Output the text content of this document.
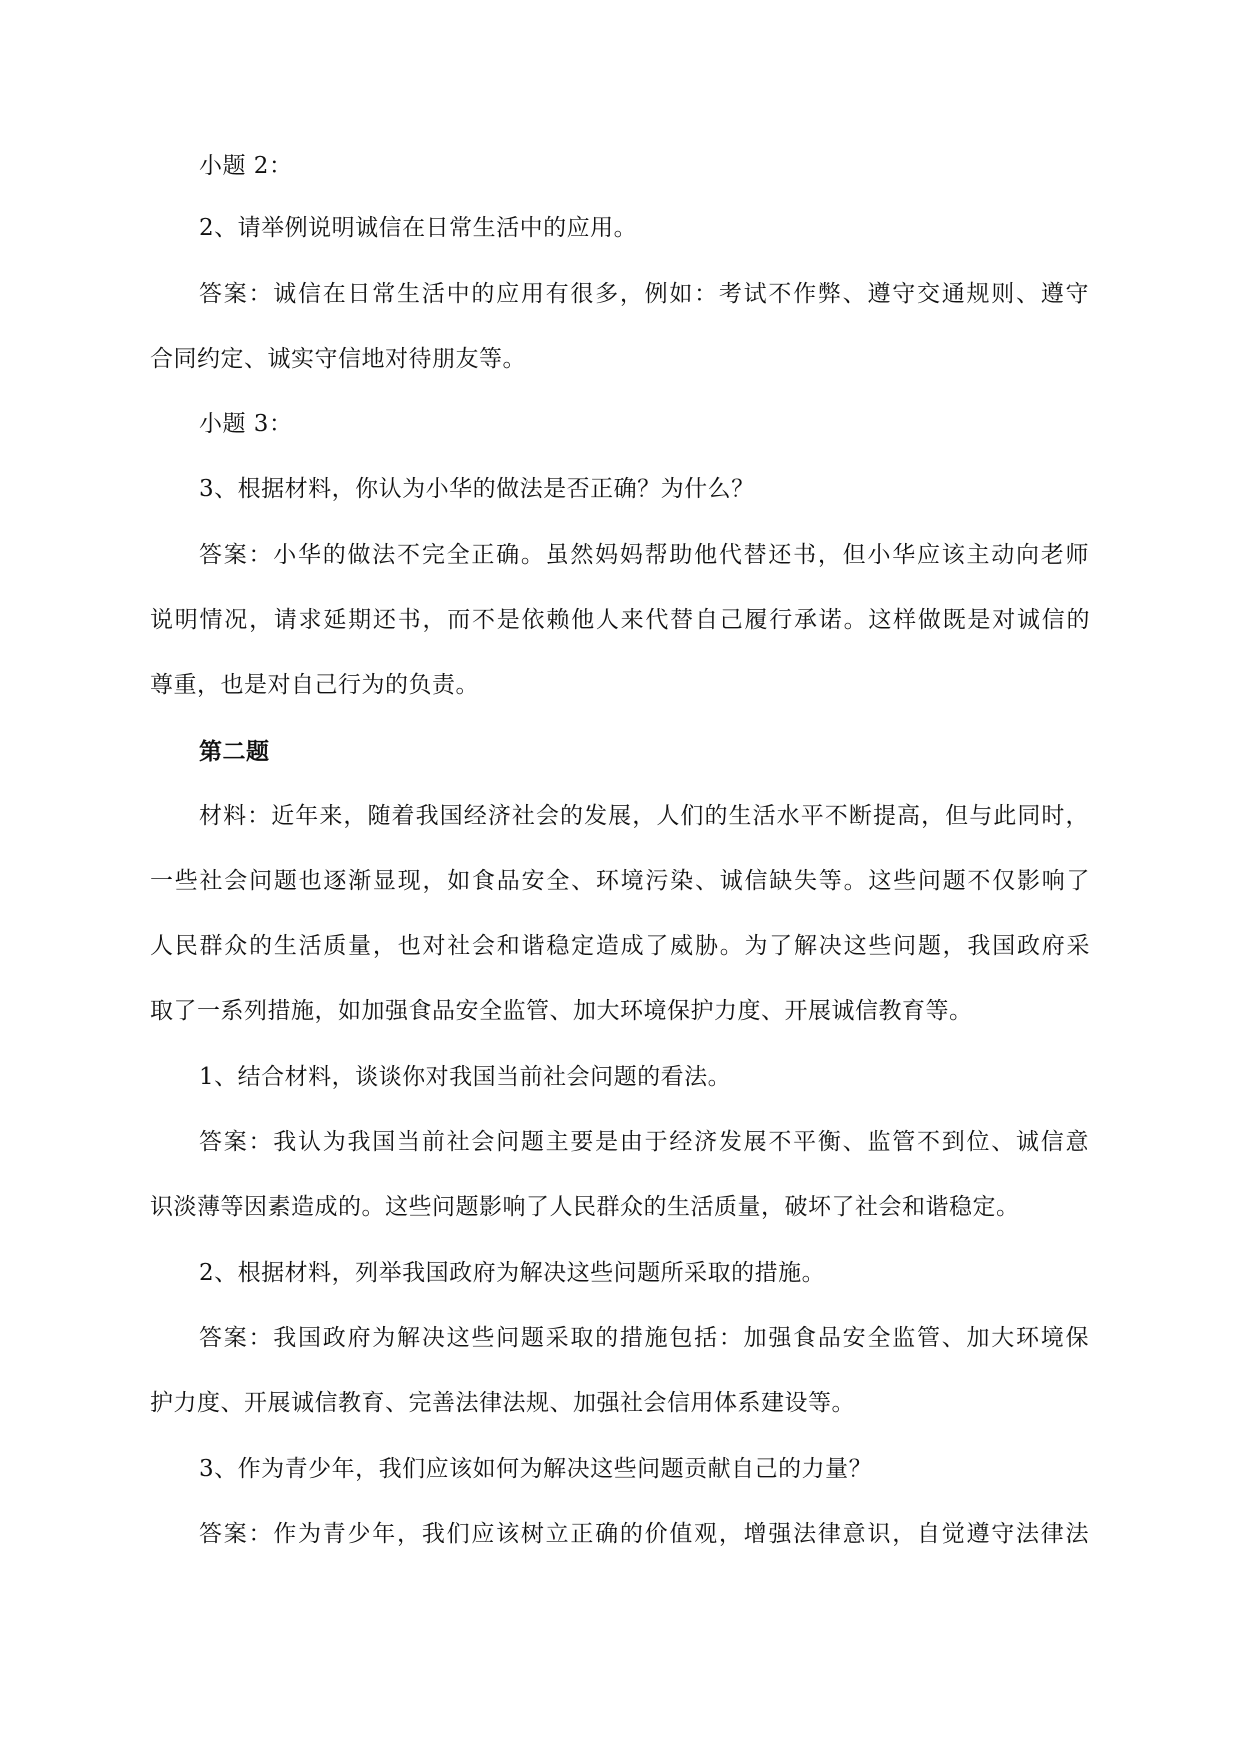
小题 2：
2、请举例说明诚信在日常生活中的应用。
答案：诚信在日常生活中的应用有很多，例如：考试不作弊、遵守交通规则、遵守
合同约定、诚实守信地对待朋友等。
小题 3：
3、根据材料，你认为小华的做法是否正确？为什么？
答案：小华的做法不完全正确。虽然妈妈帮助他代替还书，但小华应该主动向老师
说明情况，请求延期还书，而不是依赖他人来代替自己履行承诺。这样做既是对诚信的
尊重，也是对自己行为的负责。
第二题
材料：近年来，随着我国经济社会的发展，人们的生活水平不断提高，但与此同时，
一些社会问题也逐渐显现，如食品安全、环境污染、诚信缺失等。这些问题不仅影响了
人民群众的生活质量，也对社会和谐稳定造成了威胁。为了解决这些问题，我国政府采
取了一系列措施，如加强食品安全监管、加大环境保护力度、开展诚信教育等。
1、结合材料，谈谈你对我国当前社会问题的看法。
答案：我认为我国当前社会问题主要是由于经济发展不平衡、监管不到位、诚信意
识淡薄等因素造成的。这些问题影响了人民群众的生活质量，破坏了社会和谐稳定。
2、根据材料，列举我国政府为解决这些问题所采取的措施。
答案：我国政府为解决这些问题采取的措施包括：加强食品安全监管、加大环境保
护力度、开展诚信教育、完善法律法规、加强社会信用体系建设等。
3、作为青少年，我们应该如何为解决这些问题贡献自己的力量？
答案：作为青少年，我们应该树立正确的价值观，增强法律意识，自觉遵守法律法
